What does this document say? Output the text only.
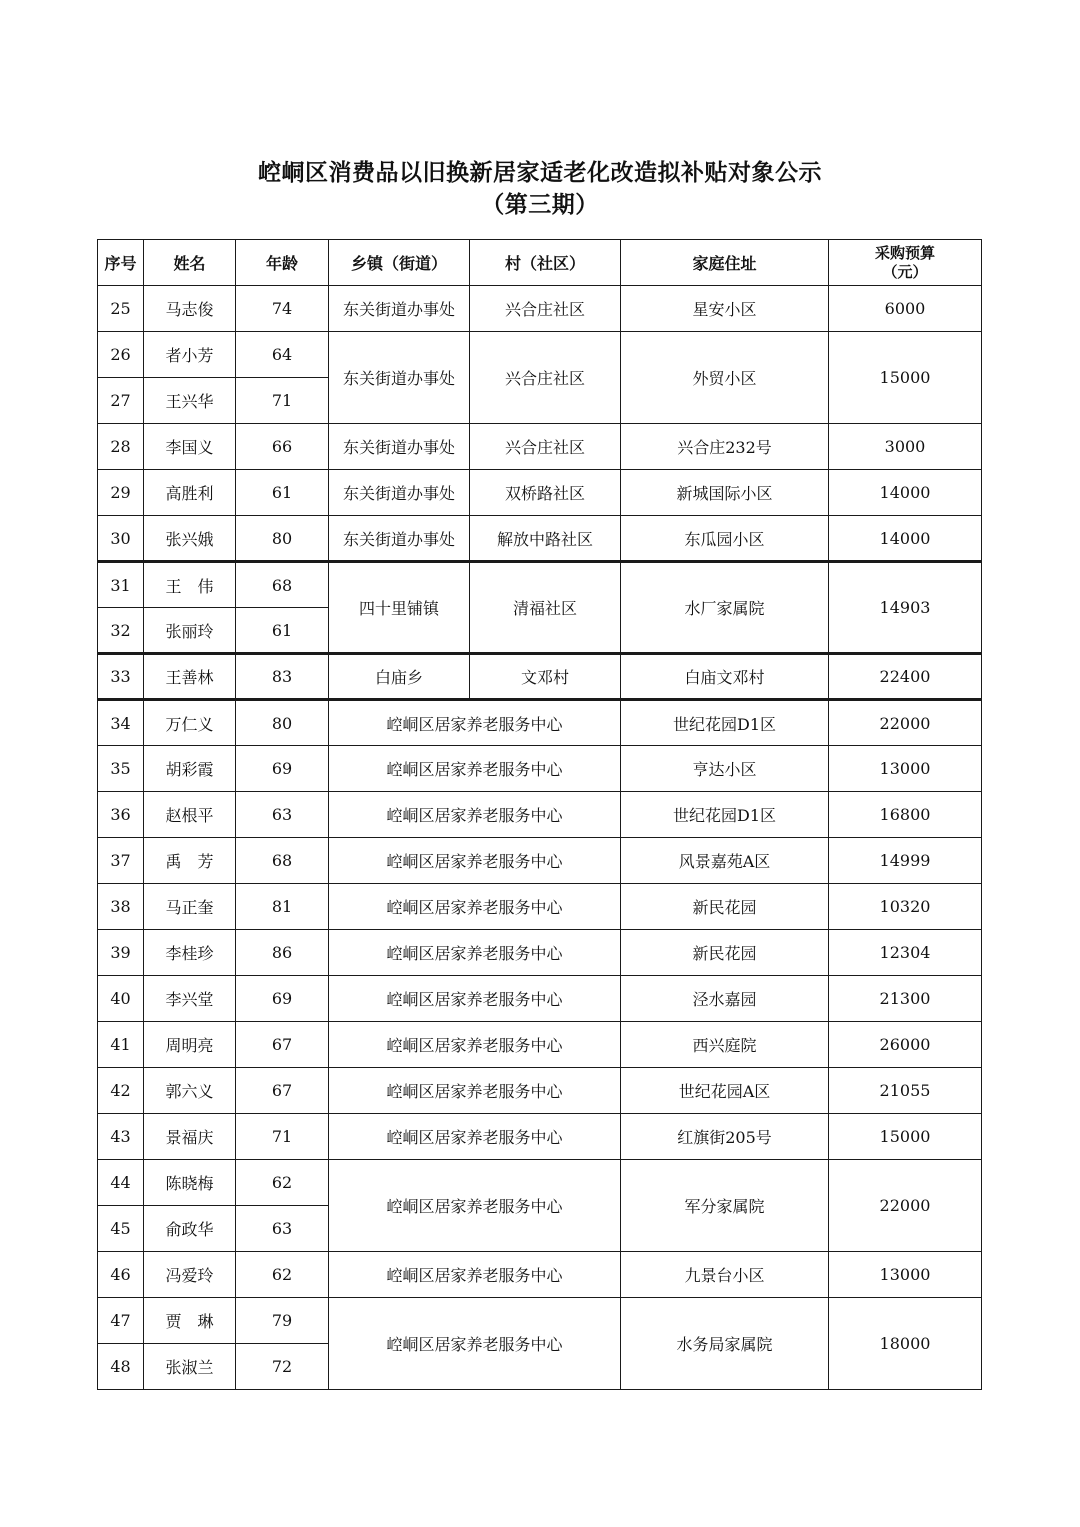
崆峒区消费品以旧换新居家适老化改造拟补贴对象公示
（第三期）
序号	姓名	年龄	乡镇（街道）	村（社区）	家庭住址	采购预算
（元）

25	马志俊	74	东关街道办事处	兴合庄社区	星安小区	6000
26	者小芳	64	东关街道办事处	兴合庄社区	外贸小区	15000
27	王兴华	71				
28	李国义	66	东关街道办事处	兴合庄社区	兴合庄232号	3000
29	高胜利	61	东关街道办事处	双桥路社区	新城国际小区	14000
30	张兴娥	80	东关街道办事处	解放中路社区	东瓜园小区	14000
31	王　伟	68	四十里铺镇	清福社区	水厂家属院	14903
32	张丽玲	61				
33	王善林	83	白庙乡	文邓村	白庙文邓村	22400
34	万仁义	80	崆峒区居家养老服务中心		世纪花园D1区	22000
35	胡彩霞	69	崆峒区居家养老服务中心		亨达小区	13000
36	赵根平	63	崆峒区居家养老服务中心		世纪花园D1区	16800
37	禹　芳	68	崆峒区居家养老服务中心		风景嘉苑A区	14999
38	马正奎	81	崆峒区居家养老服务中心		新民花园	10320
39	李桂珍	86	崆峒区居家养老服务中心		新民花园	12304
40	李兴堂	69	崆峒区居家养老服务中心		泾水嘉园	21300
41	周明亮	67	崆峒区居家养老服务中心		西兴庭院	26000
42	郭六义	67	崆峒区居家养老服务中心		世纪花园A区	21055
43	景福庆	71	崆峒区居家养老服务中心		红旗街205号	15000
44	陈晓梅	62	崆峒区居家养老服务中心		军分家属院	22000
45	俞政华	63				
46	冯爱玲	62	崆峒区居家养老服务中心		九景台小区	13000
47	贾　琳	79	崆峒区居家养老服务中心		水务局家属院	18000
48	张淑兰	72				
